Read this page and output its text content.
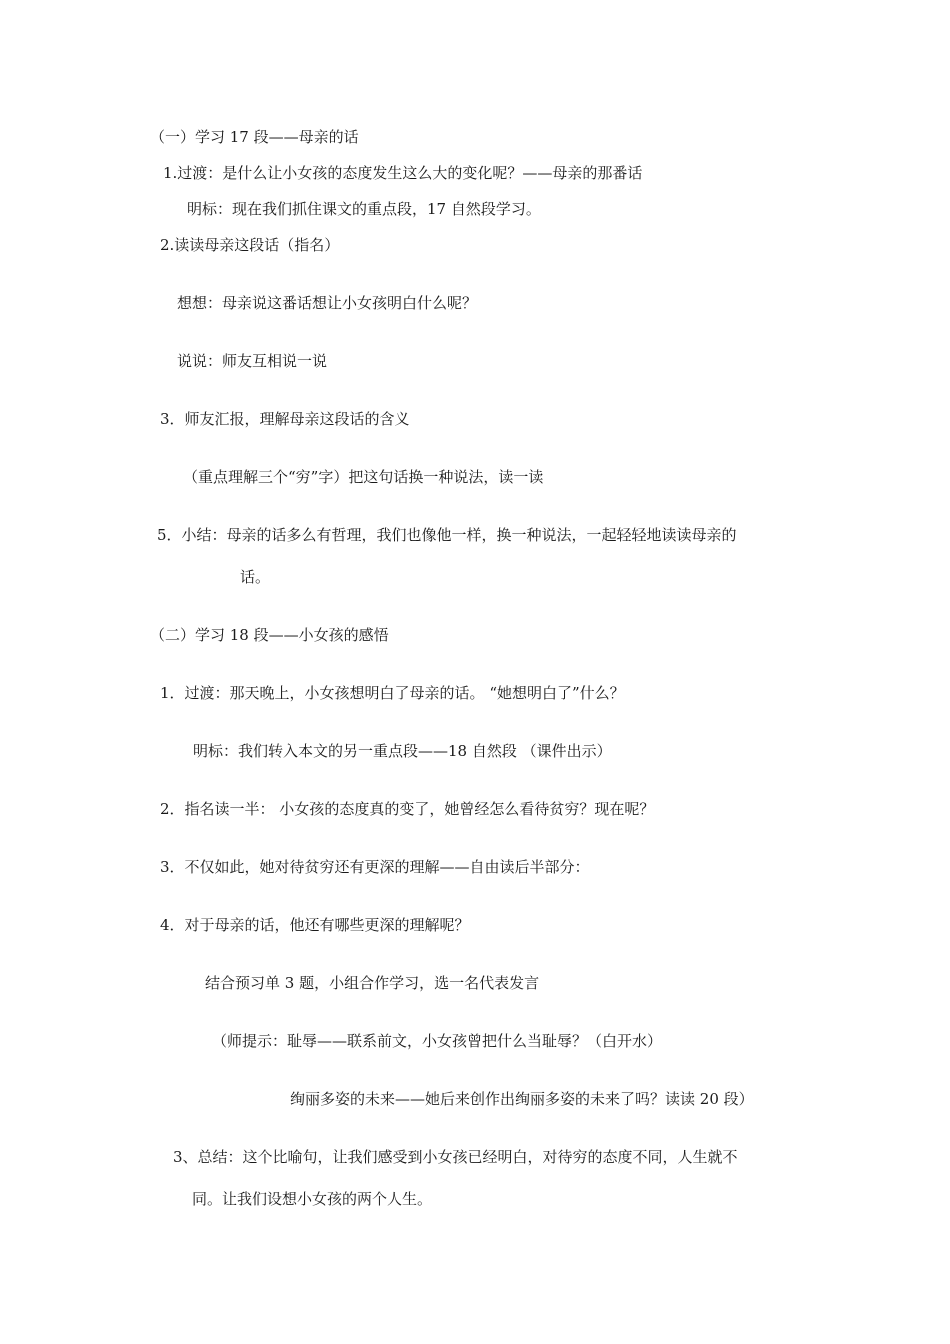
（一）学习 17 段——母亲的话

1.过渡：是什么让小女孩的态度发生这么大的变化呢？——母亲的那番话

明标：现在我们抓住课文的重点段，17 自然段学习。

2.读读母亲这段话（指名）

想想：母亲说这番话想让小女孩明白什么呢？

说说：师友互相说一说

3．师友汇报，理解母亲这段话的含义

（重点理解三个“穷”字）把这句话换一种说法，读一读

5．小结：母亲的话多么有哲理，我们也像他一样，换一种说法，一起轻轻地读读母亲的

话。

（二）学习 18 段——小女孩的感悟

1．过渡：那天晚上，小女孩想明白了母亲的话。 “她想明白了”什么？

明标：我们转入本文的另一重点段——18 自然段 （课件出示）

2．指名读一半： 小女孩的态度真的变了，她曾经怎么看待贫穷？现在呢？

3．不仅如此，她对待贫穷还有更深的理解——自由读后半部分：

4．对于母亲的话，他还有哪些更深的理解呢？

结合预习单 3 题，小组合作学习，选一名代表发言

（师提示：耻辱——联系前文，小女孩曾把什么当耻辱？（白开水）

绚丽多姿的未来——她后来创作出绚丽多姿的未来了吗？读读 20 段）

3、总结：这个比喻句，让我们感受到小女孩已经明白，对待穷的态度不同，人生就不

同。让我们设想小女孩的两个人生。
